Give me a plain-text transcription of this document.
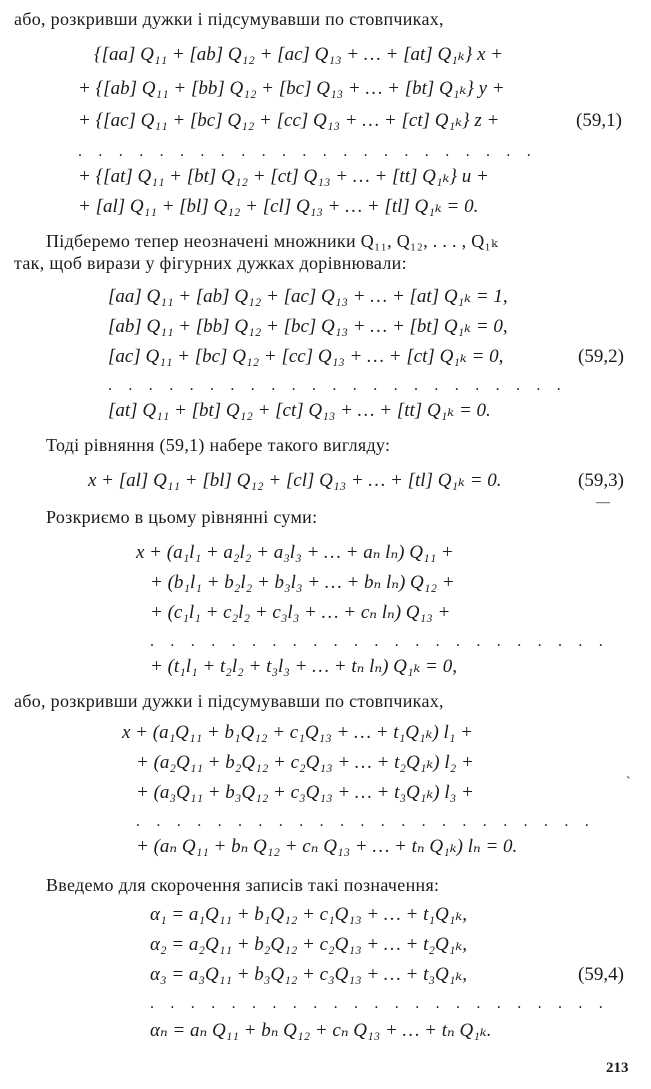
або, розкривши дужки і підсумувавши по стовпчиках,
{[aa] Q₁₁ + [ab] Q₁₂ + [ac] Q₁₃ + … + [at] Q₁ₖ} x +
+ {[ab] Q₁₁ + [bb] Q₁₂ + [bc] Q₁₃ + … + [bt] Q₁ₖ} y +
+ {[ac] Q₁₁ + [bc] Q₁₂ + [cc] Q₁₃ + … + [ct] Q₁ₖ} z +	(59,1)
. . . . . . . . . . . . . . . . . . . . . . .
+ {[at] Q₁₁ + [bt] Q₁₂ + [ct] Q₁₃ + … + [tt] Q₁ₖ} u +
+ [al] Q₁₁ + [bl] Q₁₂ + [cl] Q₁₃ + … + [tl] Q₁ₖ = 0.
Підберемо тепер неозначені множники Q₁₁, Q₁₂, . . . , Q₁ₖ
так, щоб вирази у фігурних дужках дорівнювали:
[aa] Q₁₁ + [ab] Q₁₂ + [ac] Q₁₃ + … + [at] Q₁ₖ = 1,
[ab] Q₁₁ + [bb] Q₁₂ + [bc] Q₁₃ + … + [bt] Q₁ₖ = 0,
[ac] Q₁₁ + [bc] Q₁₂ + [cc] Q₁₃ + … + [ct] Q₁ₖ = 0,	(59,2)
. . . . . . . . . . . . . . . . . . . . . . .
[at] Q₁₁ + [bt] Q₁₂ + [ct] Q₁₃ + … + [tt] Q₁ₖ = 0.
Тоді рівняння (59,1) набере такого вигляду:
x + [al] Q₁₁ + [bl] Q₁₂ + [cl] Q₁₃ + … + [tl] Q₁ₖ = 0.	(59,3)
—
Розкриємо в цьому рівнянні суми:
x + (a₁l₁ + a₂l₂ + a₃l₃ + … + aₙ lₙ) Q₁₁ +
+ (b₁l₁ + b₂l₂ + b₃l₃ + … + bₙ lₙ) Q₁₂ +
+ (c₁l₁ + c₂l₂ + c₃l₃ + … + cₙ lₙ) Q₁₃ +
. . . . . . . . . . . . . . . . . . . . . . .
+ (t₁l₁ + t₂l₂ + t₃l₃ + … + tₙ lₙ) Q₁ₖ = 0,
або, розкривши дужки і підсумувавши по стовпчиках,
x + (a₁Q₁₁ + b₁Q₁₂ + c₁Q₁₃ + … + t₁Q₁ₖ) l₁ +
+ (a₂Q₁₁ + b₂Q₁₂ + c₂Q₁₃ + … + t₂Q₁ₖ) l₂ +
+ (a₃Q₁₁ + b₃Q₁₂ + c₃Q₁₃ + … + t₃Q₁ₖ) l₃ +	`
. . . . . . . . . . . . . . . . . . . . . . .
+ (aₙ Q₁₁ + bₙ Q₁₂ + cₙ Q₁₃ + … + tₙ Q₁ₖ) lₙ = 0.
Введемо для скорочення записів такі позначення:
α₁ = a₁Q₁₁ + b₁Q₁₂ + c₁Q₁₃ + … + t₁Q₁ₖ,
α₂ = a₂Q₁₁ + b₂Q₁₂ + c₂Q₁₃ + … + t₂Q₁ₖ,
α₃ = a₃Q₁₁ + b₃Q₁₂ + c₃Q₁₃ + … + t₃Q₁ₖ,	(59,4)
. . . . . . . . . . . . . . . . . . . . . . .
αₙ = aₙ Q₁₁ + bₙ Q₁₂ + cₙ Q₁₃ + … + tₙ Q₁ₖ.
213
